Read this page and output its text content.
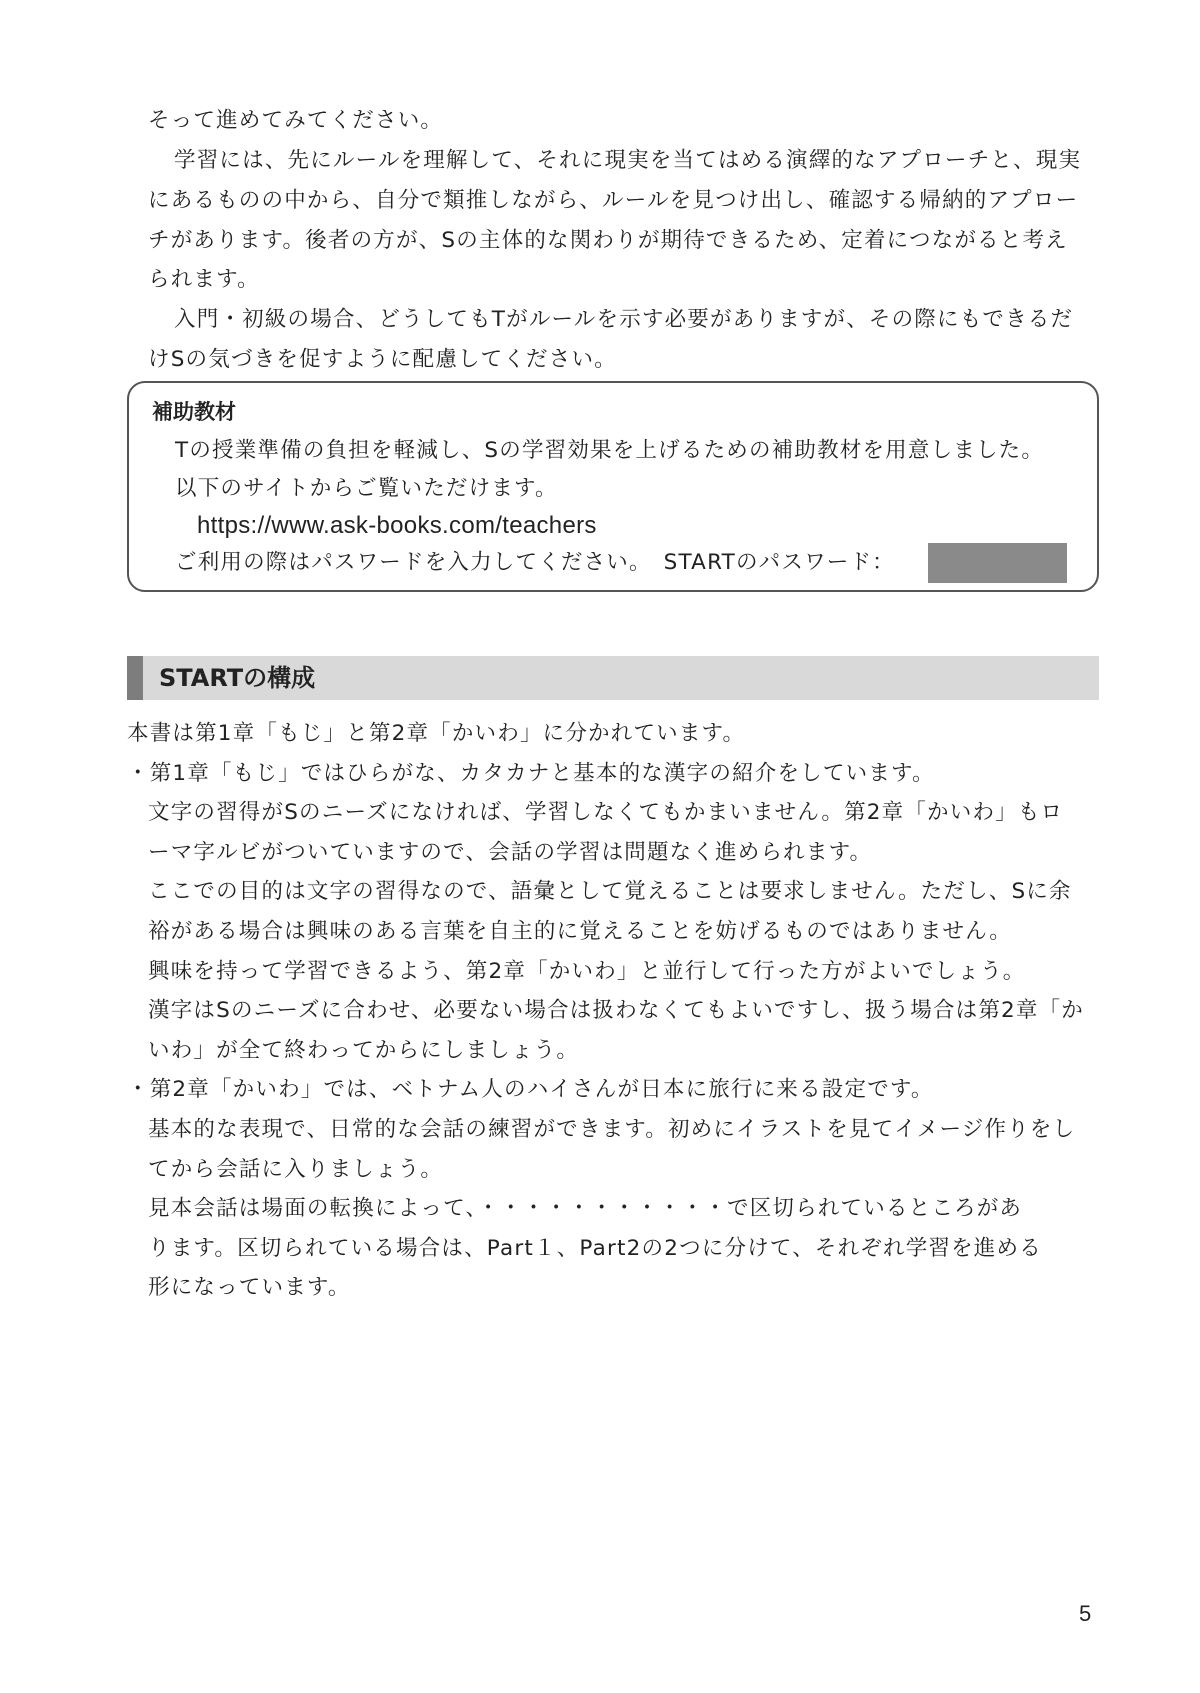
そって進めてみてください。
学習には、先にルールを理解して、それに現実を当てはめる演繹的なアプローチと、現実
にあるものの中から、自分で類推しながら、ルールを見つけ出し、確認する帰納的アプロー
チがあります。後者の方が、Sの主体的な関わりが期待できるため、定着につながると考え
られます。
入門・初級の場合、どうしてもTがルールを示す必要がありますが、その際にもできるだ
けSの気づきを促すように配慮してください。
補助教材
Tの授業準備の負担を軽減し、Sの学習効果を上げるための補助教材を用意しました。
以下のサイトからご覧いただけます。
https://www.ask-books.com/teachers
ご利用の際はパスワードを入力してください。　STARTのパスワード：
STARTの構成
本書は第1章「もじ」と第2章「かいわ」に分かれています。
・第1章「もじ」ではひらがな、カタカナと基本的な漢字の紹介をしています。
文字の習得がSのニーズになければ、学習しなくてもかまいません。第2章「かいわ」もロ
ーマ字ルビがついていますので、会話の学習は問題なく進められます。
ここでの目的は文字の習得なので、語彙として覚えることは要求しません。ただし、Sに余
裕がある場合は興味のある言葉を自主的に覚えることを妨げるものではありません。
興味を持って学習できるよう、第2章「かいわ」と並行して行った方がよいでしょう。
漢字はSのニーズに合わせ、必要ない場合は扱わなくてもよいですし、扱う場合は第2章「か
いわ」が全て終わってからにしましょう。
・第2章「かいわ」では、ベトナム人のハイさんが日本に旅行に来る設定です。
基本的な表現で、日常的な会話の練習ができます。初めにイラストを見てイメージ作りをし
てから会話に入りましょう。
見本会話は場面の転換によって、・・・・・・・・・・・で区切られているところがあ
ります。区切られている場合は、Part１、Part2の2つに分けて、それぞれ学習を進める
形になっています。
5
